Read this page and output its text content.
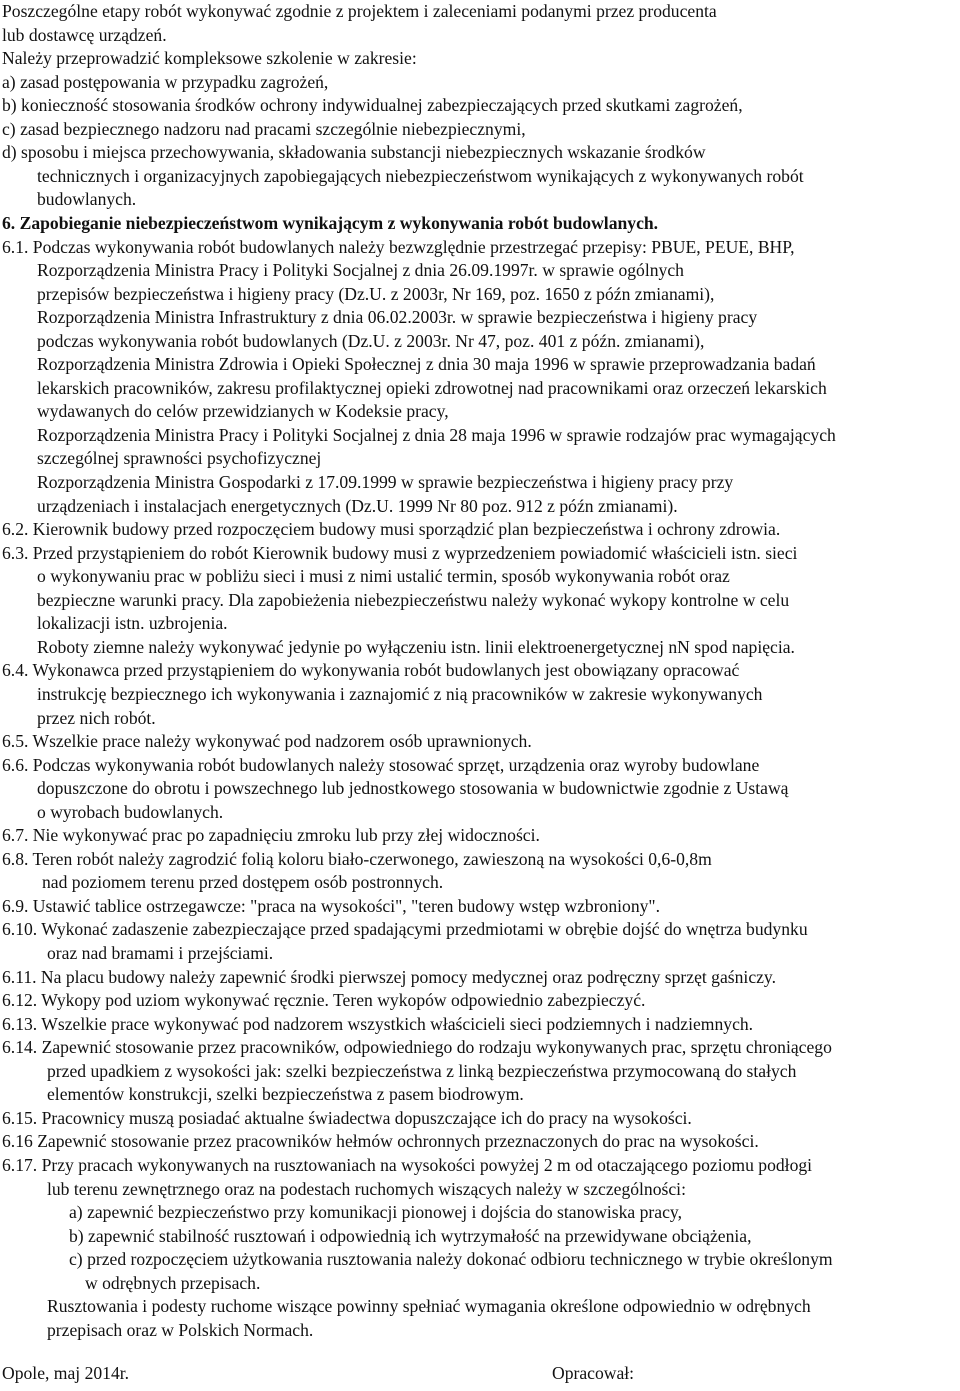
Poszczególne etapy robót wykonywać zgodnie z projektem i zaleceniami podanymi przez producenta
lub dostawcę urządzeń.
Należy przeprowadzić kompleksowe szkolenie w zakresie:
a) zasad postępowania w przypadku zagrożeń,
b) konieczność stosowania środków ochrony indywidualnej zabezpieczających przed skutkami zagrożeń,
c) zasad bezpiecznego nadzoru nad pracami szczególnie niebezpiecznymi,
d) sposobu i miejsca przechowywania, składowania substancji niebezpiecznych wskazanie środków
technicznych i organizacyjnych zapobiegających niebezpieczeństwom wynikających z wykonywanych robót
budowlanych.
6. Zapobieganie niebezpieczeństwom wynikającym z wykonywania robót budowlanych.
6.1. Podczas wykonywania robót budowlanych należy bezwzględnie przestrzegać przepisy: PBUE, PEUE, BHP,
Rozporządzenia Ministra Pracy i Polityki Socjalnej z dnia 26.09.1997r. w sprawie ogólnych
przepisów bezpieczeństwa i higieny pracy (Dz.U. z 2003r, Nr 169, poz. 1650 z późn zmianami),
Rozporządzenia Ministra Infrastruktury z dnia 06.02.2003r. w sprawie bezpieczeństwa i higieny pracy
podczas wykonywania robót budowlanych (Dz.U. z 2003r. Nr 47, poz. 401 z późn. zmianami),
Rozporządzenia Ministra Zdrowia i Opieki Społecznej z dnia 30 maja 1996 w sprawie przeprowadzania badań
lekarskich pracowników, zakresu profilaktycznej opieki zdrowotnej nad pracownikami oraz orzeczeń lekarskich
wydawanych do celów przewidzianych w Kodeksie pracy,
Rozporządzenia Ministra Pracy i Polityki Socjalnej z dnia 28 maja 1996 w sprawie rodzajów prac wymagających
szczególnej sprawności psychofizycznej
Rozporządzenia Ministra Gospodarki z 17.09.1999 w sprawie bezpieczeństwa i higieny pracy przy
urządzeniach i instalacjach energetycznych (Dz.U. 1999 Nr 80 poz. 912 z późn zmianami).
6.2. Kierownik budowy przed rozpoczęciem budowy musi sporządzić plan bezpieczeństwa i ochrony zdrowia.
6.3. Przed przystąpieniem do robót Kierownik budowy musi z wyprzedzeniem powiadomić właścicieli istn. sieci
o wykonywaniu prac w pobliżu sieci i musi z nimi ustalić termin, sposób wykonywania robót oraz
bezpieczne warunki pracy. Dla zapobieżenia niebezpieczeństwu należy wykonać wykopy kontrolne w celu
lokalizacji istn. uzbrojenia.
Roboty ziemne należy wykonywać jedynie po wyłączeniu istn. linii elektroenergetycznej nN spod napięcia.
6.4. Wykonawca przed przystąpieniem do wykonywania robót budowlanych jest obowiązany opracować
instrukcję bezpiecznego ich wykonywania i zaznajomić z nią pracowników w zakresie wykonywanych
przez nich robót.
6.5. Wszelkie prace należy wykonywać pod nadzorem osób uprawnionych.
6.6. Podczas wykonywania robót budowlanych należy stosować sprzęt, urządzenia oraz wyroby budowlane
dopuszczone do obrotu i powszechnego lub jednostkowego stosowania w budownictwie zgodnie z Ustawą
o wyrobach budowlanych.
6.7. Nie wykonywać prac po zapadnięciu zmroku lub przy złej widoczności.
6.8. Teren robót należy zagrodzić folią koloru biało-czerwonego, zawieszoną na wysokości 0,6-0,8m
nad poziomem terenu przed dostępem osób postronnych.
6.9. Ustawić tablice ostrzegawcze: "praca na wysokości", "teren budowy wstęp wzbroniony".
6.10. Wykonać zadaszenie zabezpieczające przed spadającymi przedmiotami w obrębie dojść do wnętrza budynku
oraz nad bramami i przejściami.
6.11. Na placu budowy należy zapewnić środki pierwszej pomocy medycznej oraz podręczny sprzęt gaśniczy.
6.12. Wykopy pod uziom wykonywać ręcznie. Teren wykopów odpowiednio zabezpieczyć.
6.13. Wszelkie prace wykonywać pod nadzorem wszystkich właścicieli sieci podziemnych i nadziemnych.
6.14. Zapewnić stosowanie przez pracowników, odpowiedniego do rodzaju wykonywanych prac, sprzętu chroniącego
przed upadkiem z wysokości jak: szelki bezpieczeństwa z linką bezpieczeństwa przymocowaną do stałych
elementów konstrukcji, szelki bezpieczeństwa z pasem biodrowym.
6.15. Pracownicy muszą posiadać aktualne świadectwa dopuszczające ich do pracy na wysokości.
6.16 Zapewnić stosowanie przez pracowników hełmów ochronnych przeznaczonych do prac na wysokości.
6.17. Przy pracach wykonywanych na rusztowaniach na wysokości powyżej 2 m od otaczającego poziomu podłogi
lub terenu zewnętrznego oraz na podestach ruchomych wiszących należy w szczególności:
a) zapewnić bezpieczeństwo przy komunikacji pionowej i dojścia do stanowiska pracy,
b) zapewnić stabilność rusztowań i odpowiednią ich wytrzymałość na przewidywane obciążenia,
c) przed rozpoczęciem użytkowania rusztowania należy dokonać odbioru technicznego w trybie określonym
w odrębnych przepisach.
Rusztowania i podesty ruchome wiszące powinny spełniać wymagania określone odpowiednio w odrębnych
przepisach oraz w Polskich Normach.
Opole, maj 2014r.	Opracował:
